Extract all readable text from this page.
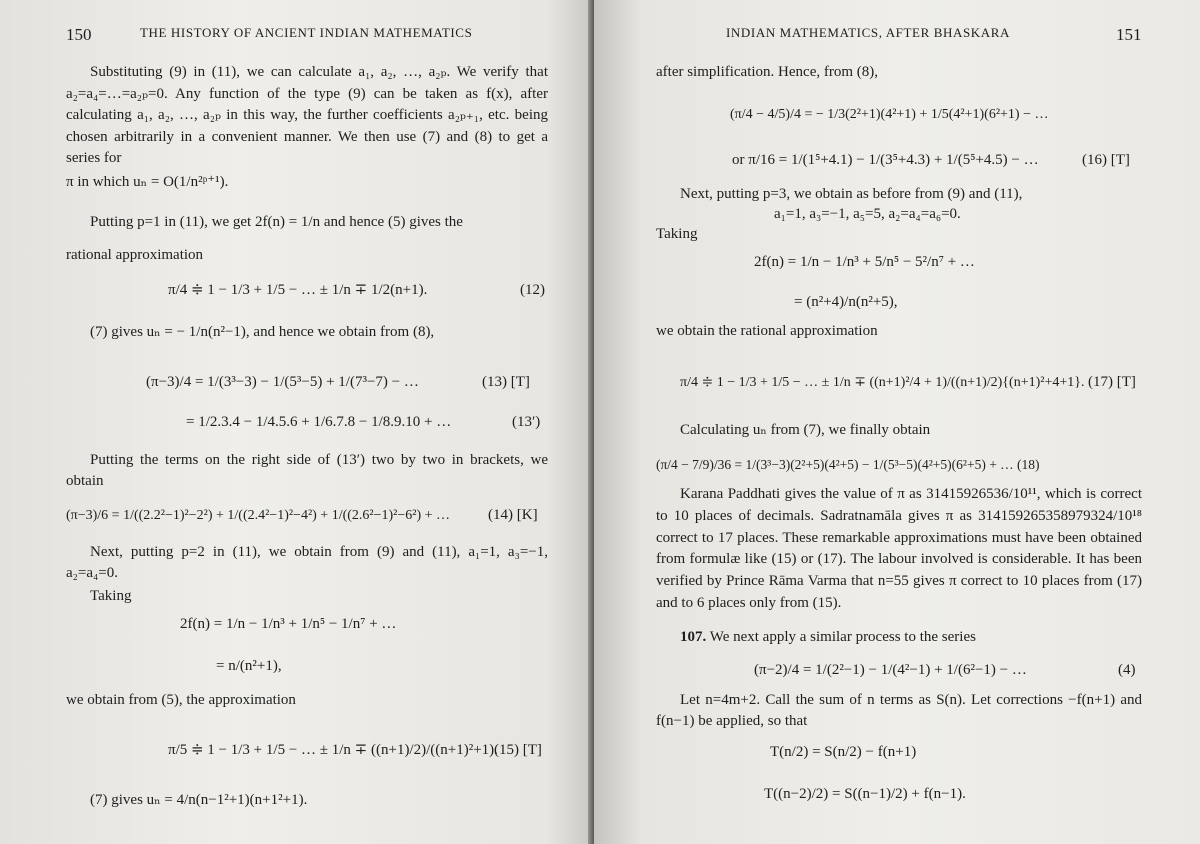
150	THE HISTORY OF ANCIENT INDIAN MATHEMATICS

Substituting (9) in (11), we can calculate a₁, a₂, …, a₂ₚ. We verify that a₂=a₄=…=a₂ₚ=0. Any function of the type (9) can be taken as f(x), after calculating a₁, a₂, …, a₂ₚ in this way, the further coefficients a₂ₚ₊₁, etc. being chosen arbitrarily in a convenient manner. We then use (7) and (8) to get a series for

π in which uₙ = O(1/n²ᵖ⁺¹).
Putting p=1 in (11), we get 2f(n) = 1/n and hence (5) gives the
rational approximation
π/4 ≑ 1 − 1/3 + 1/5 − … ± 1/n ∓ 1/2(n+1).	(12)
(7) gives uₙ = − 1/n(n²−1), and hence we obtain from (8),
(π−3)/4 = 1/(3³−3) − 1/(5³−5) + 1/(7³−7) − …	(13) [T]
= 1/2.3.4 − 1/4.5.6 + 1/6.7.8 − 1/8.9.10 + …	(13′)

Putting the terms on the right side of (13′) two by two in brackets, we obtain

(π−3)/6 = 1/((2.2²−1)²−2²) + 1/((2.4²−1)²−4²) + 1/((2.6²−1)²−6²) + …	(14) [K]

Next, putting p=2 in (11), we obtain from (9) and (11), a₁=1, a₃=−1, a₂=a₄=0.

Taking
2f(n) = 1/n − 1/n³ + 1/n⁵ − 1/n⁷ + …
= n/(n²+1),
we obtain from (5), the approximation
π/5 ≑ 1 − 1/3 + 1/5 − … ± 1/n ∓ ((n+1)/2)/((n+1)²+1).
(15) [T]
(7) gives uₙ = 4/n(n−1²+1)(n+1²+1).
INDIAN MATHEMATICS, AFTER BHASKARA	151
after simplification. Hence, from (8),
(π/4 − 4/5)/4 = − 1/3(2²+1)(4²+1) + 1/5(4²+1)(6²+1) − …
or π/16 = 1/(1⁵+4.1) − 1/(3⁵+4.3) + 1/(5⁵+4.5) − …	(16) [T]
Next, putting p=3, we obtain as before from (9) and (11),
a₁=1, a₃=−1, a₅=5, a₂=a₄=a₆=0.
Taking
2f(n) = 1/n − 1/n³ + 5/n⁵ − 5²/n⁷ + …
= (n²+4)/n(n²+5),
we obtain the rational approximation
π/4 ≑ 1 − 1/3 + 1/5 − … ± 1/n ∓ ((n+1)²/4 + 1)/((n+1)/2){(n+1)²+4+1}. (17) [T]
Calculating uₙ from (7), we finally obtain
(π/4 − 7/9)/36 = 1/(3³−3)(2²+5)(4²+5) − 1/(5³−5)(4²+5)(6²+5) + … (18)

Karana Paddhati gives the value of π as 31415926536/10¹¹, which is correct to 10 places of decimals. Sadratnamāla gives π as 314159265358979324/10¹⁸ correct to 17 places. These remarkable approximations must have been obtained from formulæ like (15) or (17). The labour involved is considerable. It has been verified by Prince Rāma Varma that n=55 gives π correct to 10 places from (17) and to 6 places only from (15).

107. We next apply a similar process to the series
(π−2)/4 = 1/(2²−1) − 1/(4²−1) + 1/(6²−1) − …	(4)

Let n=4m+2. Call the sum of n terms as S(n). Let corrections −f(n+1) and f(n−1) be applied, so that

T(n/2) = S(n/2) − f(n+1)
T((n−2)/2) = S((n−1)/2) + f(n−1).
